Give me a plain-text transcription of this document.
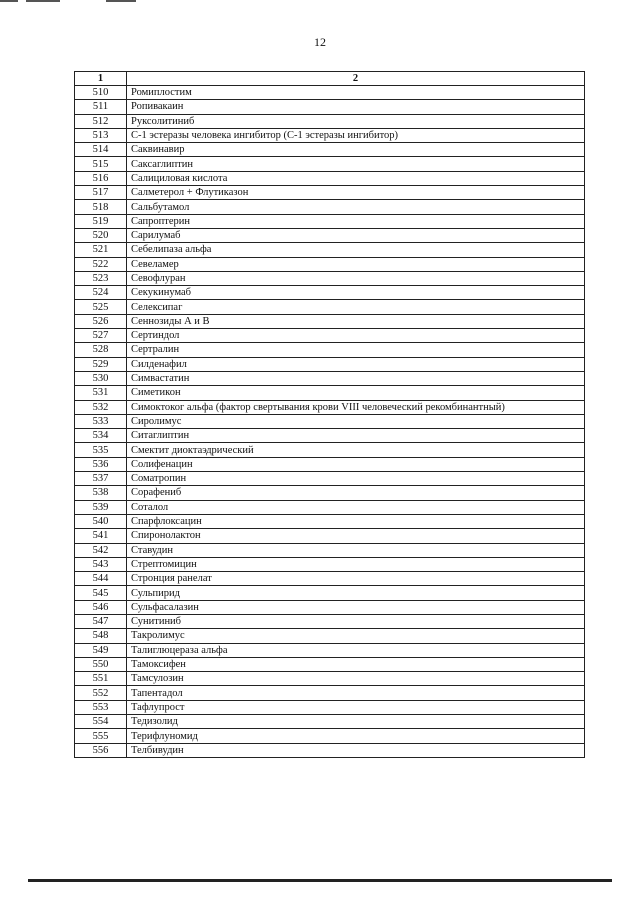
12
1	2
510	Ромиплостим
511	Ропивакаин
512	Руксолитиниб
513	С-1 эстеразы человека ингибитор (С-1 эстеразы ингибитор)
514	Саквинавир
515	Саксаглиптин
516	Салициловая кислота
517	Салметерол + Флутиказон
518	Сальбутамол
519	Сапроптерин
520	Сарилумаб
521	Себелипаза альфа
522	Севеламер
523	Севофлуран
524	Секукинумаб
525	Селексипаг
526	Сеннозиды А и В
527	Сертиндол
528	Сертралин
529	Силденафил
530	Симвастатин
531	Симетикон
532	Симоктоког альфа (фактор свертывания крови VIII человеческий рекомбинантный)
533	Сиролимус
534	Ситаглиптин
535	Смектит диоктаэдрический
536	Солифенацин
537	Соматропин
538	Сорафениб
539	Соталол
540	Спарфлоксацин
541	Спиронолактон
542	Ставудин
543	Стрептомицин
544	Стронция ранелат
545	Сульпирид
546	Сульфасалазин
547	Сунитиниб
548	Такролимус
549	Талиглюцераза альфа
550	Тамоксифен
551	Тамсулозин
552	Тапентадол
553	Тафлупрост
554	Тедизолид
555	Терифлуномид
556	Телбивудин
